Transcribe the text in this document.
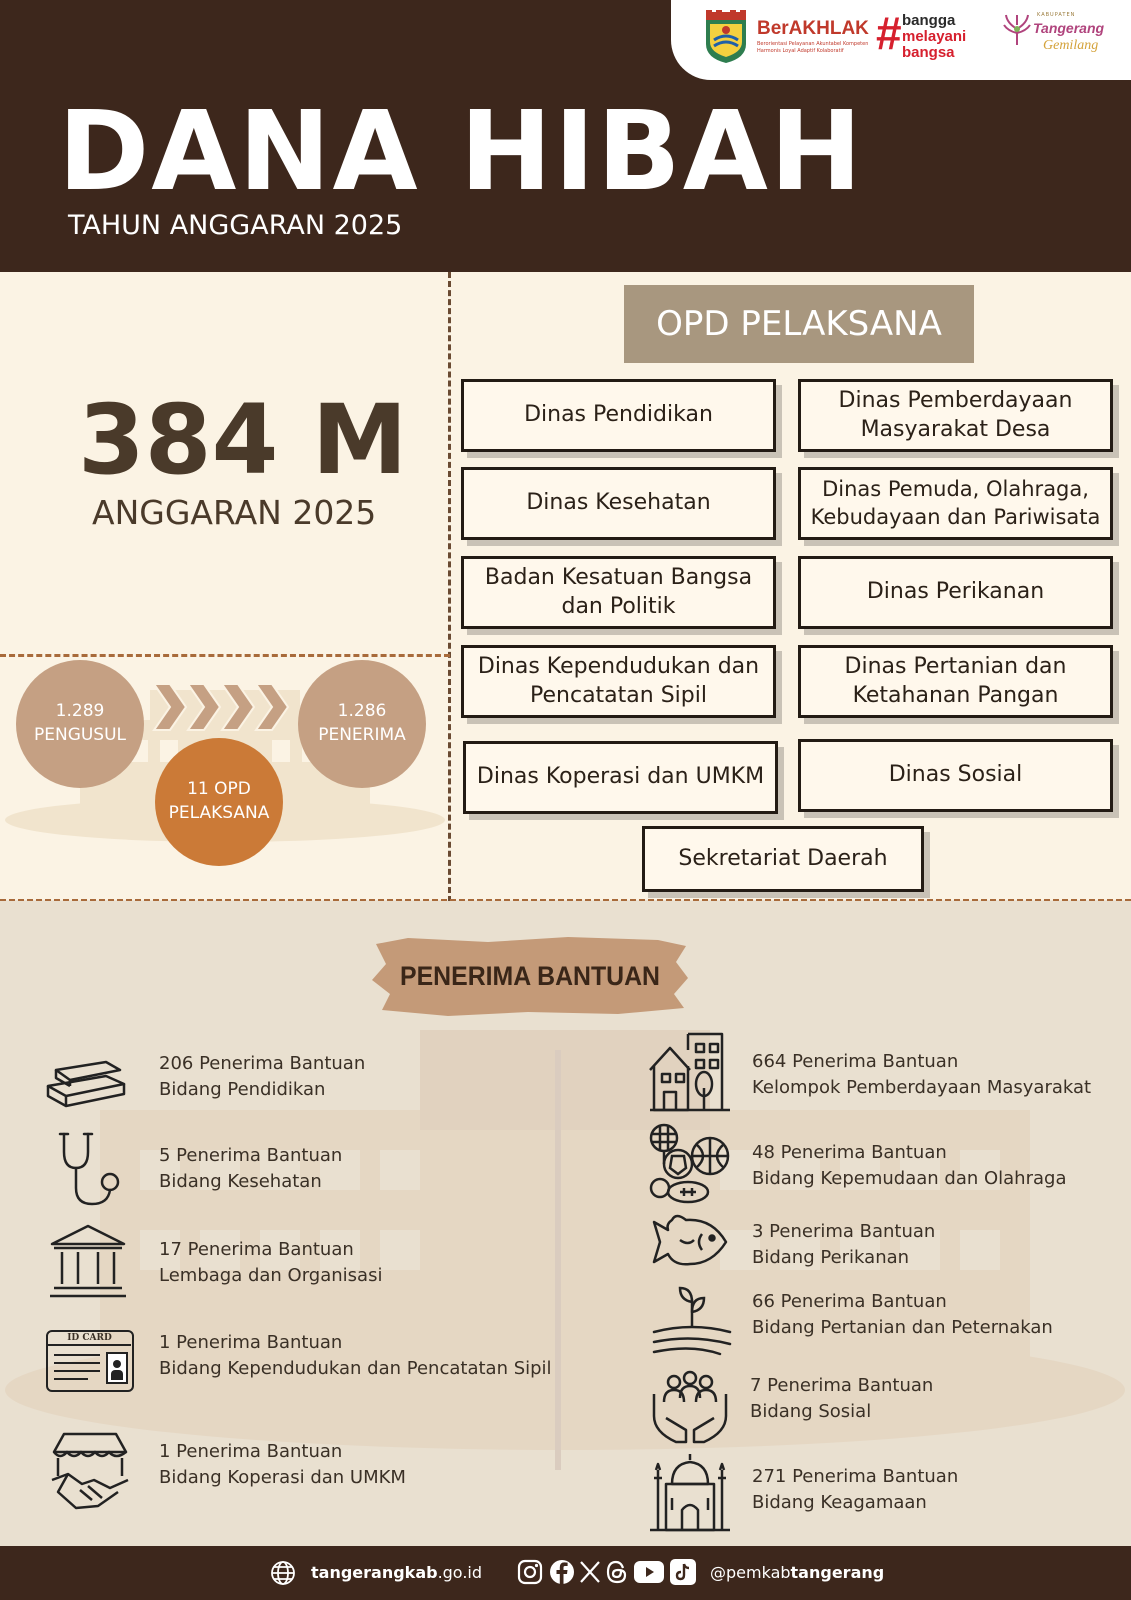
BerAKHLAK
Berorientasi Pelayanan Akuntabel Kompeten
Harmonis Loyal Adaptif Kolaboratif # bangga
melayani
bangsa
KABUPATEN
Tangerang
Gemilang
DANA HIBAH
TAHUN ANGGARAN 2025
384 M
ANGGARAN 2025
1.289
PENGUSUL
1.286
PENERIMA
11 OPD
PELAKSANA
OPD PELAKSANA
Dinas Pendidikan
Dinas Pemberdayaan Masyarakat Desa
Dinas Kesehatan
Dinas Pemuda, Olahraga, Kebudayaan dan Pariwisata
Badan Kesatuan Bangsa dan Politik
Dinas Perikanan
Dinas Kependudukan dan Pencatatan Sipil
Dinas Pertanian dan Ketahanan Pangan
Dinas Koperasi dan UMKM	Dinas Sosial
Sekretariat Daerah
PENERIMA BANTUAN
206 Penerima Bantuan
Bidang Pendidikan
5 Penerima Bantuan
Bidang Kesehatan
17 Penerima Bantuan
Lembaga dan Organisasi
ID CARD	1 Penerima Bantuan
Bidang Kependudukan dan Pencatatan Sipil
1 Penerima Bantuan
Bidang Koperasi dan UMKM
664 Penerima Bantuan
Kelompok Pemberdayaan Masyarakat
48 Penerima Bantuan
Bidang Kepemudaan dan Olahraga
3 Penerima Bantuan
Bidang Perikanan
66 Penerima Bantuan
Bidang Pertanian dan Peternakan
7 Penerima Bantuan
Bidang Sosial
271 Penerima Bantuan
Bidang Keagamaan
tangerangkab.go.id	@pemkabtangerang
